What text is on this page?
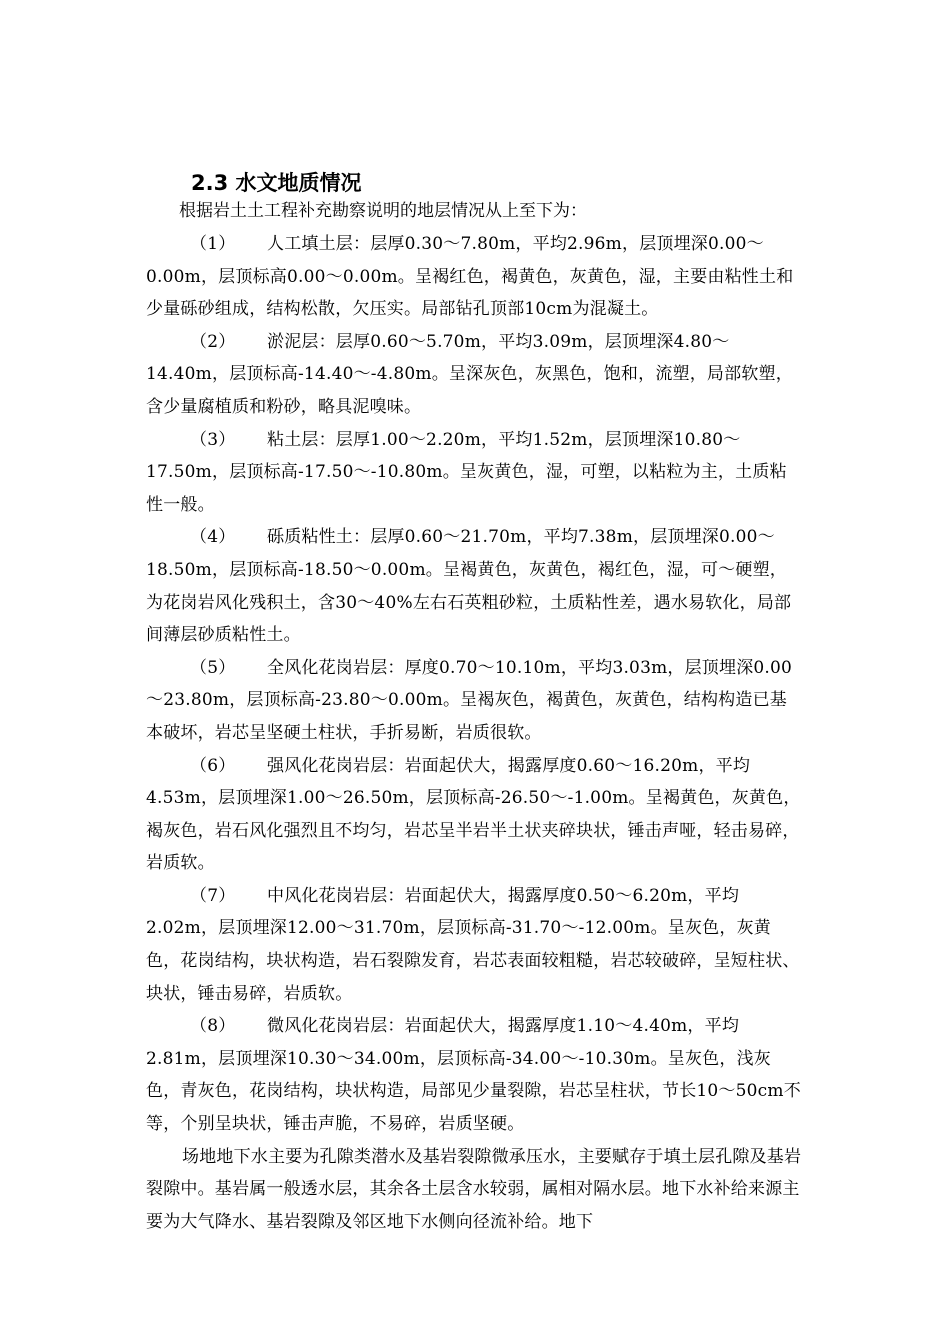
2.3 水文地质情况
根据岩土土工程补充勘察说明的地层情况从上至下为：

（1） 人工填土层：层厚0.30～7.80m，平均2.96m，层顶埋深0.00～0.00m，层顶标高0.00～0.00m。呈褐红色，褐黄色，灰黄色，湿，主要由粘性土和少量砾砂组成，结构松散，欠压实。局部钻孔顶部10cm为混凝土。

（2） 淤泥层：层厚0.60～5.70m，平均3.09m，层顶埋深4.80～14.40m，层顶标高-14.40～-4.80m。呈深灰色，灰黑色，饱和，流塑，局部软塑，含少量腐植质和粉砂，略具泥嗅味。

（3） 粘土层：层厚1.00～2.20m，平均1.52m，层顶埋深10.80～17.50m，层顶标高-17.50～-10.80m。呈灰黄色，湿，可塑，以粘粒为主，土质粘性一般。

（4） 砾质粘性土：层厚0.60～21.70m，平均7.38m，层顶埋深0.00～18.50m，层顶标高-18.50～0.00m。呈褐黄色，灰黄色，褐红色，湿，可～硬塑，为花岗岩风化残积土，含30～40%左右石英粗砂粒，土质粘性差，遇水易软化，局部间薄层砂质粘性土。

（5） 全风化花岗岩层：厚度0.70～10.10m，平均3.03m，层顶埋深0.00～23.80m，层顶标高-23.80～0.00m。呈褐灰色，褐黄色，灰黄色，结构构造已基本破坏，岩芯呈坚硬土柱状，手折易断，岩质很软。

（6） 强风化花岗岩层：岩面起伏大，揭露厚度0.60～16.20m，平均4.53m，层顶埋深1.00～26.50m，层顶标高-26.50～-1.00m。呈褐黄色，灰黄色，褐灰色，岩石风化强烈且不均匀，岩芯呈半岩半土状夹碎块状，锤击声哑，轻击易碎，岩质软。

（7） 中风化花岗岩层：岩面起伏大，揭露厚度0.50～6.20m，平均2.02m，层顶埋深12.00～31.70m，层顶标高-31.70～-12.00m。呈灰色，灰黄色，花岗结构，块状构造，岩石裂隙发育，岩芯表面较粗糙，岩芯较破碎，呈短柱状、块状，锤击易碎，岩质软。

（8） 微风化花岗岩层：岩面起伏大，揭露厚度1.10～4.40m，平均2.81m，层顶埋深10.30～34.00m，层顶标高-34.00～-10.30m。呈灰色，浅灰色，青灰色，花岗结构，块状构造，局部见少量裂隙，岩芯呈柱状，节长10～50cm不等，个别呈块状，锤击声脆，不易碎，岩质坚硬。

场地地下水主要为孔隙类潜水及基岩裂隙微承压水，主要赋存于填土层孔隙及基岩裂隙中。基岩属一般透水层，其余各土层含水较弱，属相对隔水层。地下水补给来源主要为大气降水、基岩裂隙及邻区地下水侧向径流补给。地下
